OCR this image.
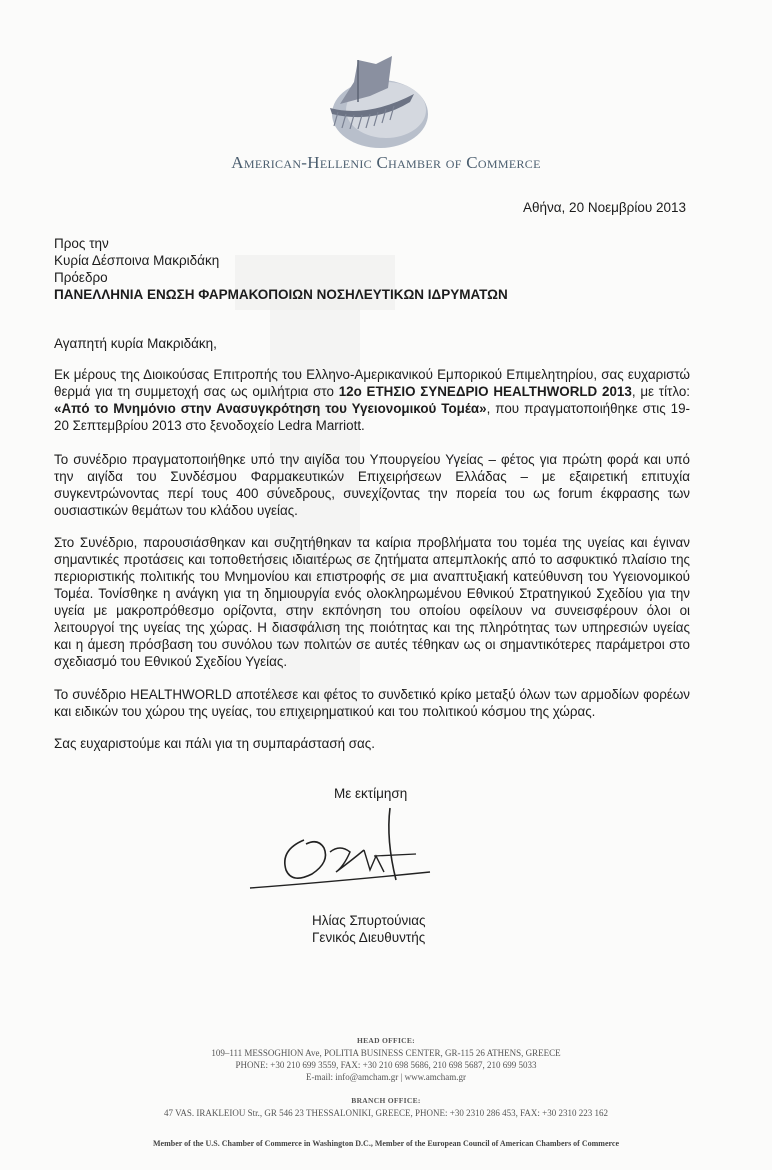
American-Hellenic Chamber of Commerce
Αθήνα, 20 Νοεμβρίου 2013
Προς την
Κυρία Δέσποινα Μακριδάκη
Πρόεδρο
ΠΑΝΕΛΛΗΝΙΑ ΕΝΩΣΗ ΦΑΡΜΑΚΟΠΟΙΩΝ ΝΟΣΗΛΕΥΤΙΚΩΝ ΙΔΡΥΜΑΤΩΝ
Αγαπητή κυρία Μακριδάκη,
Εκ μέρους της Διοικούσας Επιτροπής του Ελληνο-Αμερικανικού Εμπορικού Επιμελητηρίου, σας ευχαριστώ θερμά για τη συμμετοχή σας ως ομιλήτρια στο 12ο ΕΤΗΣΙΟ ΣΥΝΕΔΡΙΟ HEALTHWORLD 2013, με τίτλο: «Από το Μνημόνιο στην Ανασυγκρότηση του Υγειονομικού Τομέα», που πραγματοποιήθηκε στις 19-20 Σεπτεμβρίου 2013 στο ξενοδοχείο Ledra Marriott.
Το συνέδριο πραγματοποιήθηκε υπό την αιγίδα του Υπουργείου Υγείας – φέτος για πρώτη φορά και υπό την αιγίδα του Συνδέσμου Φαρμακευτικών Επιχειρήσεων Ελλάδας – με εξαιρετική επιτυχία συγκεντρώνοντας περί τους 400 σύνεδρους, συνεχίζοντας την πορεία του ως forum έκφρασης των ουσιαστικών θεμάτων του κλάδου υγείας.
Στο Συνέδριο, παρουσιάσθηκαν και συζητήθηκαν τα καίρια προβλήματα του τομέα της υγείας και έγιναν σημαντικές προτάσεις και τοποθετήσεις ιδιαιτέρως σε ζητήματα απεμπλοκής από το ασφυκτικό πλαίσιο της περιοριστικής πολιτικής του Μνημονίου και επιστροφής σε μια αναπτυξιακή κατεύθυνση του Υγειονομικού Τομέα. Τονίσθηκε η ανάγκη για τη δημιουργία ενός ολοκληρωμένου Εθνικού Στρατηγικού Σχεδίου για την υγεία με μακροπρόθεσμο ορίζοντα, στην εκπόνηση του οποίου οφείλουν να συνεισφέρουν όλοι οι λειτουργοί της υγείας της χώρας. Η διασφάλιση της ποιότητας και της πληρότητας των υπηρεσιών υγείας και η άμεση πρόσβαση του συνόλου των πολιτών σε αυτές τέθηκαν ως οι σημαντικότερες παράμετροι στο σχεδιασμό του Εθνικού Σχεδίου Υγείας.
Το συνέδριο HEALTHWORLD αποτέλεσε και φέτος το συνδετικό κρίκο μεταξύ όλων των αρμοδίων φορέων και ειδικών του χώρου της υγείας, του επιχειρηματικού και του πολιτικού κόσμου της χώρας.
Σας ευχαριστούμε και πάλι για τη συμπαράστασή σας.
Με εκτίμηση
Ηλίας Σπυρτούνιας
Γενικός Διευθυντής
HEAD OFFICE:
109–111 MESSOGHION Ave, POLITIA BUSINESS CENTER, GR-115 26 ATHENS, GREECE
PHONE: +30 210 699 3559, FAX: +30 210 698 5686, 210 698 5687, 210 699 5033
E-mail: info@amcham.gr | www.amcham.gr
BRANCH OFFICE:
47 VAS. IRAKLEIOU Str., GR 546 23 THESSALONIKI, GREECE, PHONE: +30 2310 286 453, FAX: +30 2310 223 162
Member of the U.S. Chamber of Commerce in Washington D.C., Member of the European Council of American Chambers of Commerce
